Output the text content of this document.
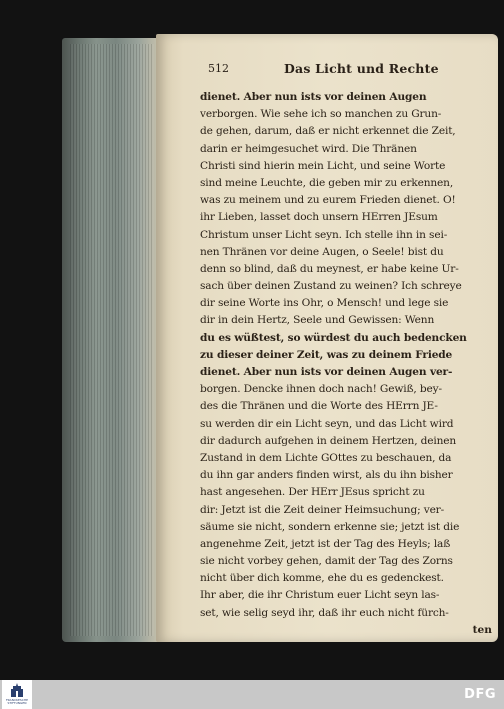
512	Das Licht und Rechte
dienet. Aber nun ists vor deinen Augen
verborgen. Wie sehe ich so manchen zu Grun-
de gehen, darum, daß er nicht erkennet die Zeit,
darin er heimgesuchet wird. Die Thränen
Christi sind hierin mein Licht, und seine Worte
sind meine Leuchte, die geben mir zu erkennen,
was zu meinem und zu eurem Frieden dienet. O!
ihr Lieben, lasset doch unsern HErren JEsum
Christum unser Licht seyn. Ich stelle ihn in sei-
nen Thränen vor deine Augen, o Seele! bist du
denn so blind, daß du meynest, er habe keine Ur-
sach über deinen Zustand zu weinen? Ich schreye
dir seine Worte ins Ohr, o Mensch! und lege sie
dir in dein Hertz, Seele und Gewissen: Wenn
du es wüßtest, so würdest du auch bedencken
zu dieser deiner Zeit, was zu deinem Friede
dienet. Aber nun ists vor deinen Augen ver-
borgen. Dencke ihnen doch nach! Gewiß, bey-
des die Thränen und die Worte des HErrn JE-
su werden dir ein Licht seyn, und das Licht wird
dir dadurch aufgehen in deinem Hertzen, deinen
Zustand in dem Lichte GOttes zu beschauen, da
du ihn gar anders finden wirst, als du ihn bisher
hast angesehen. Der HErr JEsus spricht zu
dir: Jetzt ist die Zeit deiner Heimsuchung; ver-
säume sie nicht, sondern erkenne sie; jetzt ist die
angenehme Zeit, jetzt ist der Tag des Heyls; laß
sie nicht vorbey gehen, damit der Tag des Zorns
nicht über dich komme, ehe du es gedenckest.
Ihr aber, die ihr Christum euer Licht seyn las-
set, wie selig seyd ihr, daß ihr euch nicht fürch-
ten
FRANCKESCHE STIFTUNGEN
DFG
